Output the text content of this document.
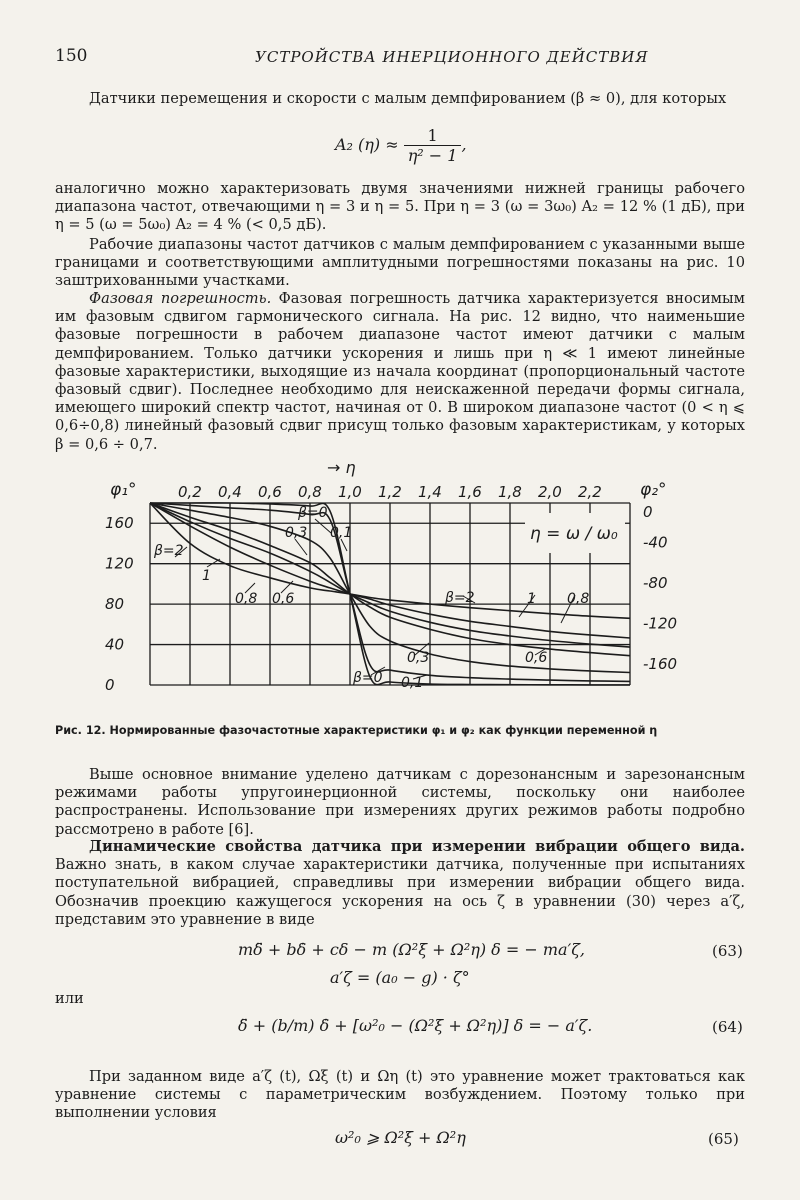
150	УСТРОЙСТВА ИНЕРЦИОННОГО ДЕЙСТВИЯ
Датчики перемещения и скорости с малым демпфированием (β ≈ 0), для которых
A₂ $(\eta) \approx \frac{1}{\text{η² − 1}}$ ,
аналогично можно характеризовать двумя значениями нижней границы рабочего диапазона частот, отвечающими η = 3 и η = 5. При η = 3 (ω = 3ω₀) A₂ = 12 % (1 дБ), при η = 5 (ω = 5ω₀) A₂ = 4 % (< 0,5 дБ).
Рабочие диапазоны частот датчиков с малым демпфированием с указанными выше границами и соответствующими амплитудными погрешностями показаны на рис. 10 заштрихованными участками.
Фазовая погрешность. Фазовая погрешность датчика характеризуется вносимым им фазовым сдвигом гармонического сигнала. На рис. 12 видно, что наименьшие фазовые погрешности в рабочем диапазоне частот имеют датчики с малым демпфированием. Только датчики ускорения и лишь при η ≪ 1 имеют линейные фазовые характеристики, выходящие из начала координат (пропорциональный частоте фазовый сдвиг). Последнее необходимо для неискаженной передачи формы сигнала, имеющего широкий спектр частот, начиная от 0. В широком диапазоне частот (0 < η ⩽ 0,6÷0,8) линейный фазовый сдвиг присущ только фазовым характеристикам, у которых β = 0,6 ÷ 0,7.
0,2 0,4 0,6 0,8 1,0 1,2 1,4 1,6 1,8 2,0 2,2
160
120
80
40
0
0
-40
-80
-120
-160
→ η
φ₁°	φ₂°
η = ω / ω₀
β=0
0,1
0,3
β=2
1
0,8 0,6	β=2	1 0,8
0,6
0,3
β=0 0,1
Рис. 12. Нормированные фазочастотные характеристики φ₁ и φ₂ как функции переменной η
Выше основное внимание уделено датчикам с дорезонансным и зарезонансным режимами работы упругоинерционной системы, поскольку они наиболее распространены. Использование при измерениях других режимов работы подробно рассмотрено в работе [6].
Динамические свойства датчика при измерении вибрации общего вида. Важно знать, в каком случае характеристики датчика, полученные при испытаниях поступательной вибрацией, справедливы при измерении вибрации общего вида. Обозначив проекцию кажущегося ускорения на ось ζ в уравнении (30) через a′ζ, представим это уравнение в виде
mδ̈ + bδ̇ + cδ − m (Ω²ξ + Ω²η) δ = − ma′ζ,	(63)
a′ζ = (a₀ − g) · ζ°
или
δ̈ + (b/m) δ̇ + [ω²₀ − (Ω²ξ + Ω²η)] δ = − a′ζ.	(64)
При заданном виде a′ζ (t), Ωξ (t) и Ωη (t) это уравнение может трактоваться как уравнение системы с параметрическим возбуждением. Поэтому только при выполнении условия
ω²₀ ⩾ Ω²ξ + Ω²η	(65)
